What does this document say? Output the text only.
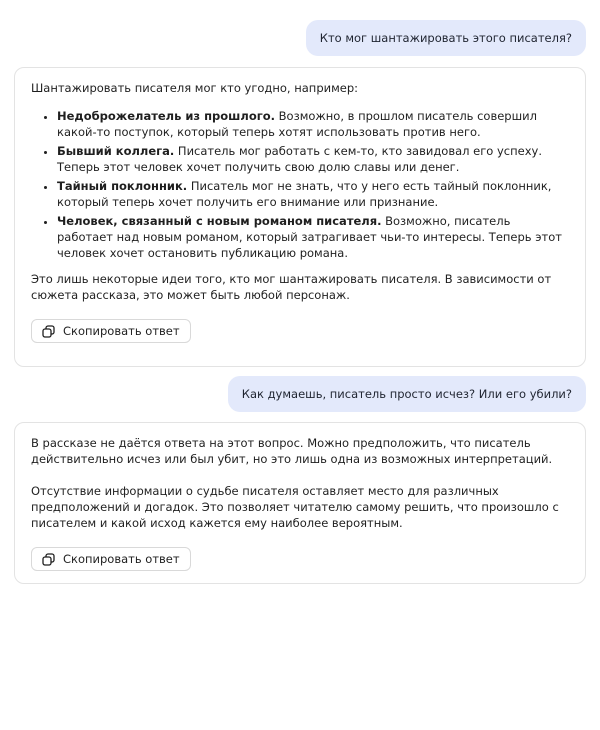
Кто мог шантажировать этого писателя?

Шантажировать писателя мог кто угодно, например:

• Недоброжелатель из прошлого. Возможно, в прошлом писатель совершил какой-то поступок, который теперь хотят использовать против него.
• Бывший коллега. Писатель мог работать с кем-то, кто завидовал его успеху. Теперь этот человек хочет получить свою долю славы или денег.
• Тайный поклонник. Писатель мог не знать, что у него есть тайный поклонник, который теперь хочет получить его внимание или признание.
• Человек, связанный с новым романом писателя. Возможно, писатель работает над новым романом, который затрагивает чьи-то интересы. Теперь этот человек хочет остановить публикацию романа.

Это лишь некоторые идеи того, кто мог шантажировать писателя. В зависимости от сюжета рассказа, это может быть любой персонаж.

Скопировать ответ
Как думаешь, писатель просто исчез? Или его убили?

В рассказе не даётся ответа на этот вопрос. Можно предположить, что писатель действительно исчез или был убит, но это лишь одна из возможных интерпретаций.

Отсутствие информации о судьбе писателя оставляет место для различных предположений и догадок. Это позволяет читателю самому решить, что произошло с писателем и какой исход кажется ему наиболее вероятным.

Скопировать ответ
